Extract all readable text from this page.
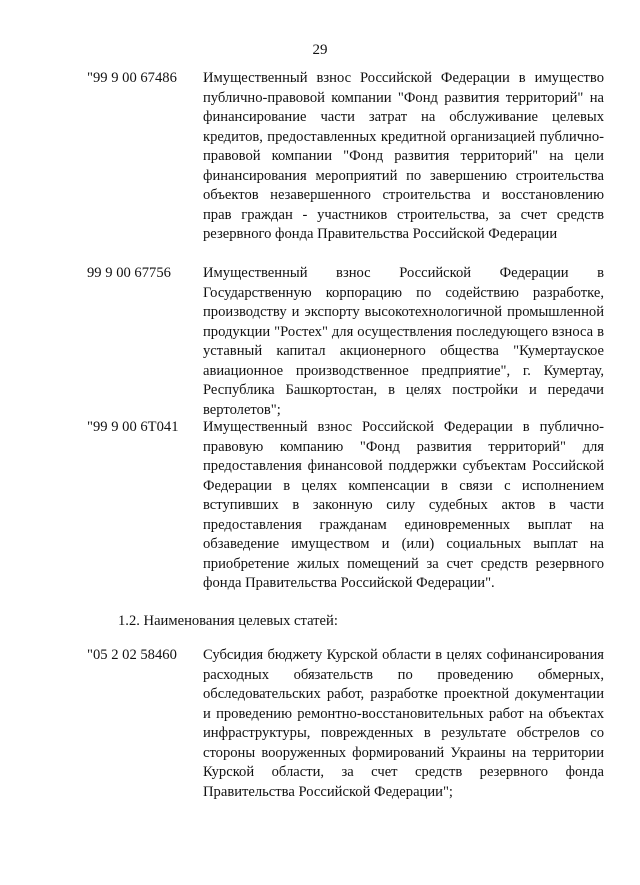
29
"99 9 00 67486	Имущественный взнос Российской Федерации в имущество публично-правовой компании "Фонд развития территорий" на финансирование части затрат на обслуживание целевых кредитов, предоставленных кредитной организацией публично-правовой компании "Фонд развития территорий" на цели финансирования мероприятий по завершению строительства объектов незавершенного строительства и восстановлению прав граждан - участников строительства, за счет средств резервного фонда Правительства Российской Федерации
99 9 00 67756	Имущественный взнос Российской Федерации в Государственную корпорацию по содействию разработке, производству и экспорту высокотехнологичной промышленной продукции "Ростех" для осуществления последующего взноса в уставный капитал акционерного общества "Кумертауское авиационное производственное предприятие", г. Кумертау, Республика Башкортостан, в целях постройки и передачи вертолетов";
"99 9 00 6Т041	Имущественный взнос Российской Федерации в публично-правовую компанию "Фонд развития территорий" для предоставления финансовой поддержки субъектам Российской Федерации в целях компенсации в связи с исполнением вступивших в законную силу судебных актов в части предоставления гражданам единовременных выплат на обзаведение имуществом и (или) социальных выплат на приобретение жилых помещений за счет средств резервного фонда Правительства Российской Федерации".
1.2. Наименования целевых статей:
"05 2 02 58460	Субсидия бюджету Курской области в целях софинансирования расходных обязательств по проведению обмерных, обследовательских работ, разработке проектной документации и проведению ремонтно-восстановительных работ на объектах инфраструктуры, поврежденных в результате обстрелов со стороны вооруженных формирований Украины на территории Курской области, за счет средств резервного фонда Правительства Российской Федерации";
